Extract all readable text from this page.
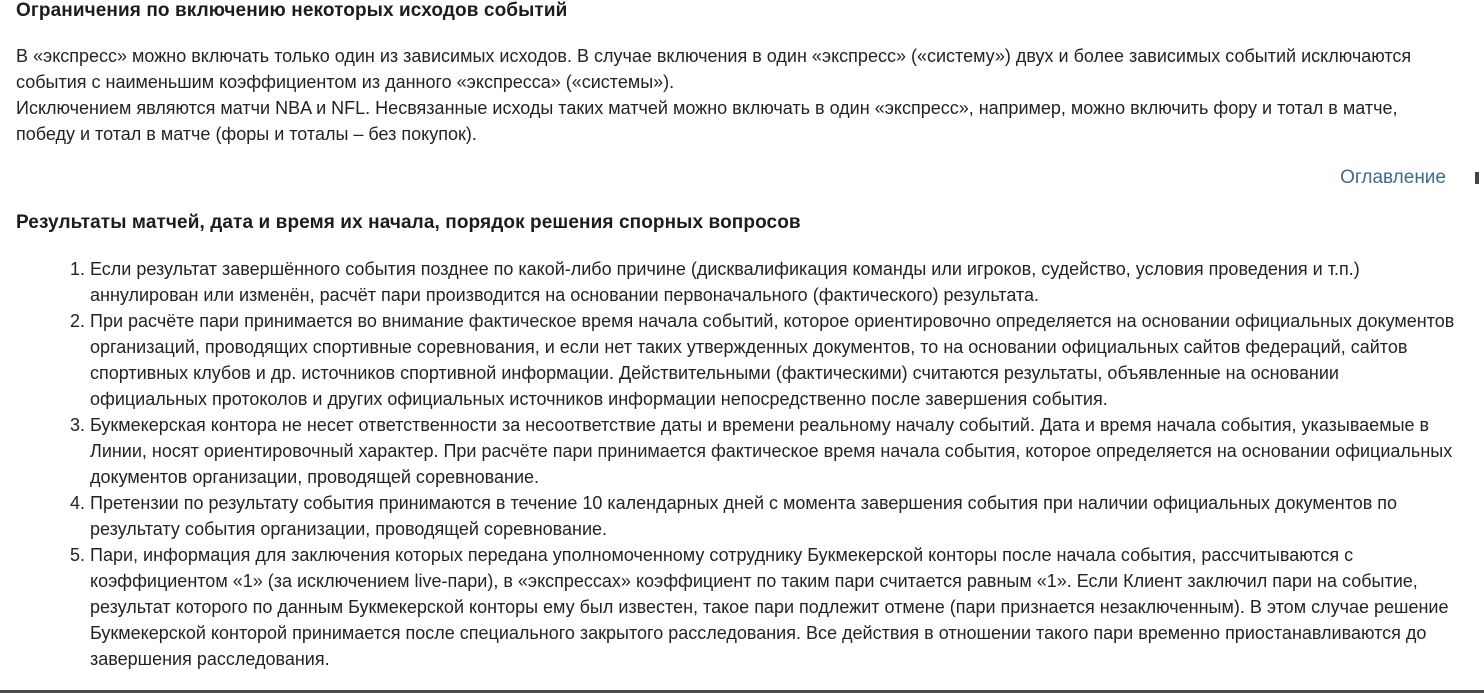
Ограничения по включению некоторых исходов событий

В «экспресс» можно включать только один из зависимых исходов. В случае включения в один «экспресс» («систему») двух и более зависимых событий исключаются события с наименьшим коэффициентом из данного «экспресса» («системы»).

Исключением являются матчи NBA и NFL. Несвязанные исходы таких матчей можно включать в один «экспресс», например, можно включить фору и тотал в матче, победу и тотал в матче (форы и тоталы – без покупок).

Оглавление
Результаты матчей, дата и время их начала, порядок решения спорных вопросов
1. Если результат завершённого события позднее по какой-либо причине (дисквалификация команды или игроков, судейство, условия проведения и т.п.) аннулирован или изменён, расчёт пари производится на основании первоначального (фактического) результата.
2. При расчёте пари принимается во внимание фактическое время начала событий, которое ориентировочно определяется на основании официальных документов организаций, проводящих спортивные соревнования, и если нет таких утвержденных документов, то на основании официальных сайтов федераций, сайтов спортивных клубов и др. источников спортивной информации. Действительными (фактическими) считаются результаты, объявленные на основании официальных протоколов и других официальных источников информации непосредственно после завершения события.
3. Букмекерская контора не несет ответственности за несоответствие даты и времени реальному началу событий. Дата и время начала события, указываемые в Линии, носят ориентировочный характер. При расчёте пари принимается фактическое время начала события, которое определяется на основании официальных документов организации, проводящей соревнование.
4. Претензии по результату события принимаются в течение 10 календарных дней с момента завершения события при наличии официальных документов по результату события организации, проводящей соревнование.
5. Пари, информация для заключения которых передана уполномоченному сотруднику Букмекерской конторы после начала события, рассчитываются с коэффициентом «1» (за исключением live-пари), в «экспрессах» коэффициент по таким пари считается равным «1». Если Клиент заключил пари на событие, результат которого по данным Букмекерской конторы ему был известен, такое пари подлежит отмене (пари признается незаключенным). В этом случае решение Букмекерской конторой принимается после специального закрытого расследования. Все действия в отношении такого пари временно приостанавливаются до завершения расследования.
